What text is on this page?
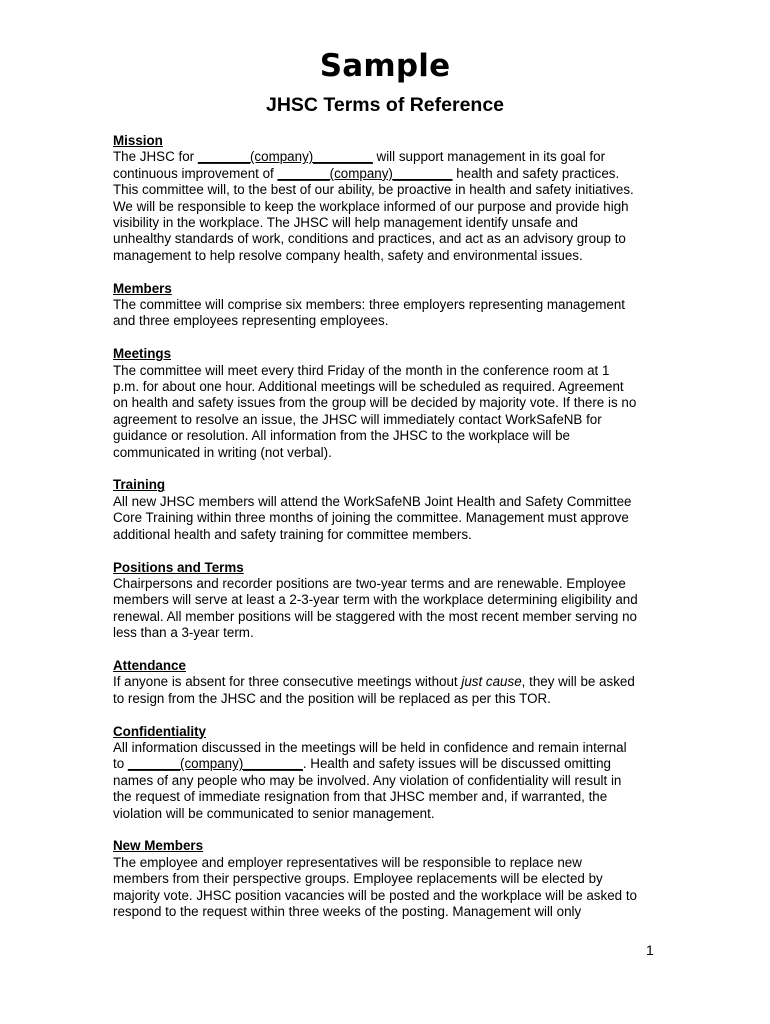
Sample
JHSC Terms of Reference
Mission
The JHSC for _______(company)________ will support management in its goal for
continuous improvement of _______(company)________ health and safety practices.
This committee will, to the best of our ability, be proactive in health and safety initiatives.
We will be responsible to keep the workplace informed of our purpose and provide high
visibility in the workplace. The JHSC will help management identify unsafe and
unhealthy standards of work, conditions and practices, and act as an advisory group to
management to help resolve company health, safety and environmental issues.
Members
The committee will comprise six members: three employers representing management
and three employees representing employees.
Meetings
The committee will meet every third Friday of the month in the conference room at 1
p.m. for about one hour. Additional meetings will be scheduled as required. Agreement
on health and safety issues from the group will be decided by majority vote. If there is no
agreement to resolve an issue, the JHSC will immediately contact WorkSafeNB for
guidance or resolution. All information from the JHSC to the workplace will be
communicated in writing (not verbal).
Training
All new JHSC members will attend the WorkSafeNB Joint Health and Safety Committee
Core Training within three months of joining the committee. Management must approve
additional health and safety training for committee members.
Positions and Terms
Chairpersons and recorder positions are two-year terms and are renewable. Employee
members will serve at least a 2-3-year term with the workplace determining eligibility and
renewal. All member positions will be staggered with the most recent member serving no
less than a 3-year term.
Attendance
If anyone is absent for three consecutive meetings without just cause, they will be asked
to resign from the JHSC and the position will be replaced as per this TOR.
Confidentiality
All information discussed in the meetings will be held in confidence and remain internal
to _______(company)________. Health and safety issues will be discussed omitting
names of any people who may be involved. Any violation of confidentiality will result in
the request of immediate resignation from that JHSC member and, if warranted, the
violation will be communicated to senior management.
New Members
The employee and employer representatives will be responsible to replace new
members from their perspective groups. Employee replacements will be elected by
majority vote. JHSC position vacancies will be posted and the workplace will be asked to
respond to the request within three weeks of the posting. Management will only
1
